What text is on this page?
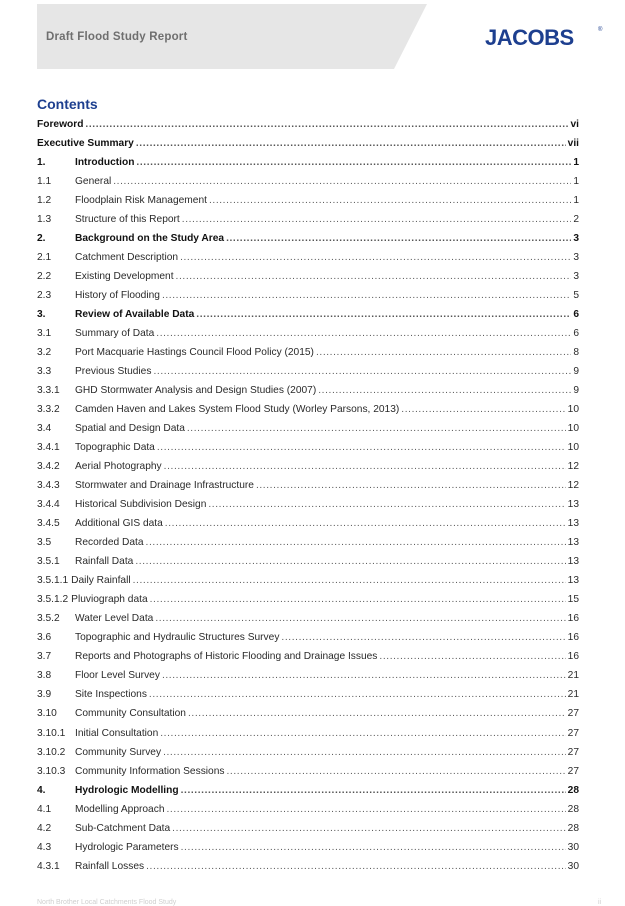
Draft Flood Study Report	JACOBS	®
Contents
Foreword .....	vi
Executive Summary .....	vii
1.	Introduction .....	1
1.1	General .....	1
1.2	Floodplain Risk Management .....	1
1.3	Structure of this Report .....	2
2.	Background on the Study Area .....	3
2.1	Catchment Description .....	3
2.2	Existing Development .....	3
2.3	History of Flooding .....	5
3.	Review of Available Data .....	6
3.1	Summary of Data .....	6
3.2	Port Macquarie Hastings Council Flood Policy (2015) .....	8
3.3	Previous Studies .....	9
3.3.1	GHD Stormwater Analysis and Design Studies (2007) .....	9
3.3.2	Camden Haven and Lakes System Flood Study (Worley Parsons, 2013) .....	10
3.4	Spatial and Design Data .....	10
3.4.1	Topographic Data .....	10
3.4.2	Aerial Photography .....	12
3.4.3	Stormwater and Drainage Infrastructure .....	12
3.4.4	Historical Subdivision Design .....	13
3.4.5	Additional GIS data .....	13
3.5	Recorded Data .....	13
3.5.1	Rainfall Data .....	13
3.5.1.1 Daily Rainfall .....	13
3.5.1.2 Pluviograph data .....	15
3.5.2	Water Level Data .....	16
3.6	Topographic and Hydraulic Structures Survey .....	16
3.7	Reports and Photographs of Historic Flooding and Drainage Issues .....	16
3.8	Floor Level Survey .....	21
3.9	Site Inspections .....	21
3.10	Community Consultation .....	27
3.10.1 Initial Consultation .....	27
3.10.2 Community Survey .....	27
3.10.3 Community Information Sessions .....	27
4.	Hydrologic Modelling .....	28
4.1	Modelling Approach .....	28
4.2	Sub-Catchment Data .....	28
4.3	Hydrologic Parameters .....	30
4.3.1	Rainfall Losses .....	30
North Brother Local Catchments Flood Study	ii
